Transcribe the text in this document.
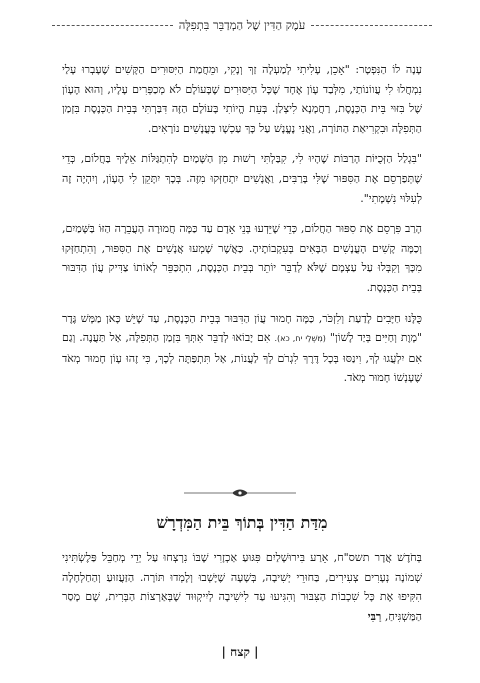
עֹמֶק הַדִּין שֶׁל הַמְדַבֵּר בִּתְפִלָּה

עָנָה לוֹ הַנִּפְטָר: "אָכֵן, עָלִיתִי לְמַעְלָה זַךְ וְנָקִי, וּמֵחֲמַת הַיִּסּוּרִים הַקָּשִׁים שֶׁעָבְרוּ עָלַי נִמְחֲלוּ לִי עֲווֹנוֹתַי, מִלְּבַד עָוֹן אֶחָד שֶׁכָּל הַיִּסּוּרִים שֶׁבָּעוֹלָם לֹא מְכַפְּרִים עָלָיו, וְהוּא הֶעָוֹן שֶׁל בִּזּוּי בֵּית הַכְּנֶסֶת, רַחֲמָנָא לִיצְלַן. בְּעֵת הֱיוֹתִי בָּעוֹלָם הַזֶּה דִּבַּרְתִּי בְּבֵית הַכְּנֶסֶת בִּזְמַן הַתְּפִלָּה וּבִקְרִיאַת הַתּוֹרָה, וַאֲנִי נֶעֱנָשׁ עַל כָּךְ עַכְשָׁו בָּעֳנָשִׁים נוֹרָאִים.

"בִּגְלַל הַזְּכֻיּוֹת הָרַבּוֹת שֶׁהָיוּ לִי, קִבַּלְתִּי רְשׁוּת מִן הַשָּׁמַיִם לְהִתְגַּלּוֹת אֵלֶיךָ בַּחֲלוֹם, כְּדֵי שֶׁתְּפַרְסֵם אֶת הַסִּפּוּר שֶׁלִּי בָּרַבִּים, וַאֲנָשִׁים יִתְחַזְּקוּ מִזֶּה. בְּכָךְ יִתָּקֵן לִי הֶעָוֹן, וְיִהְיֶה זֶה לְעִלּוּי נִשְׁמָתִי".

הָרַב פִּרְסֵם אֶת סִפּוּר הַחֲלוֹם, כְּדֵי שֶׁיֵּדְעוּ בְּנֵי אָדָם עַד כַּמָּה חֲמוּרָה הָעֲבֵרָה הַזּוֹ בַּשָּׁמַיִם, וְכַמָּה קָשִׁים הָעֳנָשִׁים הַבָּאִים בְּעִקְבוֹתֶיהָ. כַּאֲשֶׁר שָׁמְעוּ אֲנָשִׁים אֶת הַסִּפּוּר, וְהִתְחַזְּקוּ מִכָּךְ וְקִבְּלוּ עַל עַצְמָם שֶׁלֹּא לְדַבֵּר יוֹתֵר בְּבֵית הַכְּנֶסֶת, הִתְכַּפֵּר לְאוֹתוֹ צַדִּיק עֲוֹן הַדִּבּוּר בְּבֵית הַכְּנֶסֶת.

כֻּלָּנוּ חַיָּבִים לָדַעַת וְלִזְכֹּר, כַּמָּה חָמוּר עֲוֹן הַדִּבּוּר בְּבֵית הַכְּנֶסֶת, עַד שֶׁיֵּשׁ כָּאן מַמָּשׁ גֶּדֶר "מָוֶת וְחַיִּים בְּיַד לָשׁוֹן" (מִשְׁלֵי יח, כא). אִם יָבוֹאוּ לְדַבֵּר אִתְּךָ בִּזְמַן הַתְּפִלָּה, אַל תַּעֲנֶה. וְגַם אִם יִלְעֲגוּ לְךָ, וִינַסּוּ בְּכָל דֶּרֶךְ לִגְרֹם לְךָ לַעֲנוֹת, אַל תִּתְפַּתֶּה לְכָךְ, כִּי זֶהוּ עָוֹן חָמוּר מְאֹד שֶׁעָנְשׁוֹ חָמוּר מְאֹד.

מִדַּת הַדִּין בְּתוֹךְ בֵּית הַמִּדְרָשׁ

בְּחֹדֶשׁ אֲדָר תשס"ח, אֵרַע בִּירוּשָׁלַיִם פִּגּוּעַ אַכְזָרִי שֶׁבּוֹ נִרְצְחוּ עַל יְדֵי מְחַבֵּל פַּלֶשְׂתִּינִי שְׁמוֹנָה נְעָרִים צְעִירִים, בַּחוּרֵי יְשִׁיבָה, בְּשָׁעָה שֶׁיָּשְׁבוּ וְלָמְדוּ תּוֹרָה. הַזַּעֲזוּעַ וְהַחַלְחָלָה הִקִּיפוּ אֶת כָּל שִׁכְבוֹת הַצִּבּוּר וְהִגִּיעוּ עַד לִישִׁיבָה לְיִיקְוּוּד שֶׁבְּאַרְצוֹת הַבְּרִית, שָׁם מָסַר הַמַּשְׁגִּיחַ, רַבִּי

| קצח |
